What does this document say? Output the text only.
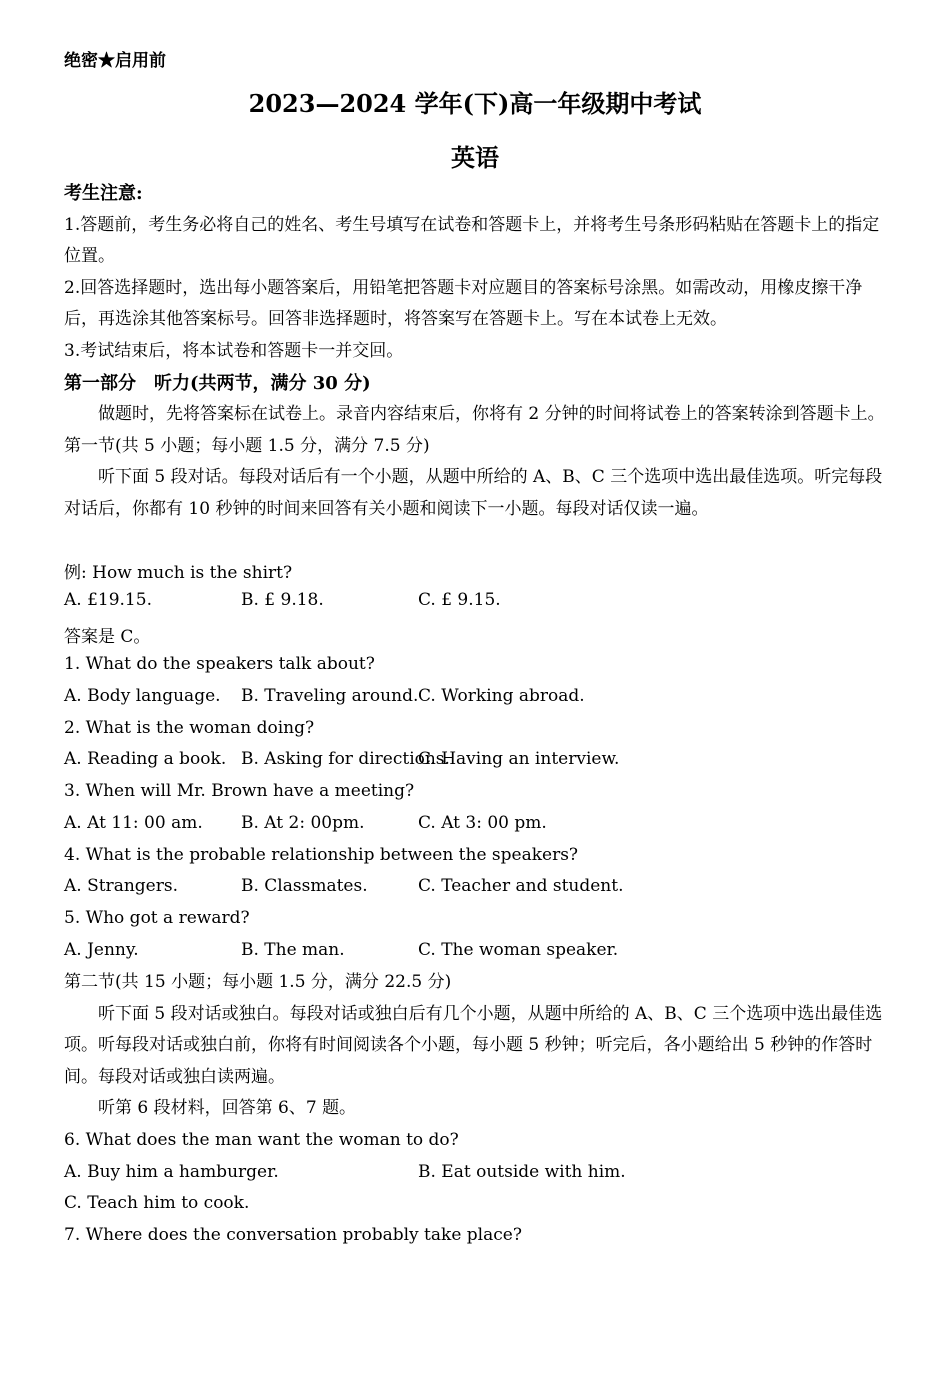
绝密★启用前
2023—2024 学年(下)高一年级期中考试
英语
考生注意:
1.答题前，考生务必将自己的姓名、考生号填写在试卷和答题卡上，并将考生号条形码粘贴在答题卡上的指定位置。
2.回答选择题时，选出每小题答案后，用铅笔把答题卡对应题目的答案标号涂黑。如需改动，用橡皮擦干净后，再选涂其他答案标号。回答非选择题时，将答案写在答题卡上。写在本试卷上无效。
3.考试结束后，将本试卷和答题卡一并交回。
第一部分　听力(共两节，满分 30 分)
做题时，先将答案标在试卷上。录音内容结束后，你将有 2 分钟的时间将试卷上的答案转涂到答题卡上。
第一节(共 5 小题；每小题 1.5 分，满分 7.5 分)
听下面 5 段对话。每段对话后有一个小题，从题中所给的 A、B、C 三个选项中选出最佳选项。听完每段对话后，你都有 10 秒钟的时间来回答有关小题和阅读下一小题。每段对话仅读一遍。
例: How much is the shirt?
A. £19.15.	B. £ 9.18.	C. £ 9.15.
答案是 C。
1. What do the speakers talk about?
A. Body language. B. Traveling around. C. Working abroad.
2. What is the woman doing?
A. Reading a book. B. Asking for directions.
C. Having an interview.
3. When will Mr. Brown have a meeting?
A. At 11: 00 am. B. At 2: 00pm.	C. At 3: 00 pm.
4. What is the probable relationship between the speakers?
A. Strangers.	B. Classmates.	C. Teacher and student.
5. Who got a reward?
A. Jenny.	B. The man.	C. The woman speaker.
第二节(共 15 小题；每小题 1.5 分，满分 22.5 分)
听下面 5 段对话或独白。每段对话或独白后有几个小题，从题中所给的 A、B、C 三个选项中选出最佳选项。听每段对话或独白前，你将有时间阅读各个小题，每小题 5 秒钟；听完后，各小题给出 5 秒钟的作答时间。每段对话或独白读两遍。
听第 6 段材料，回答第 6、7 题。
6. What does the man want the woman to do?
A. Buy him a hamburger.	B. Eat outside with him.
C. Teach him to cook.
7. Where does the conversation probably take place?
